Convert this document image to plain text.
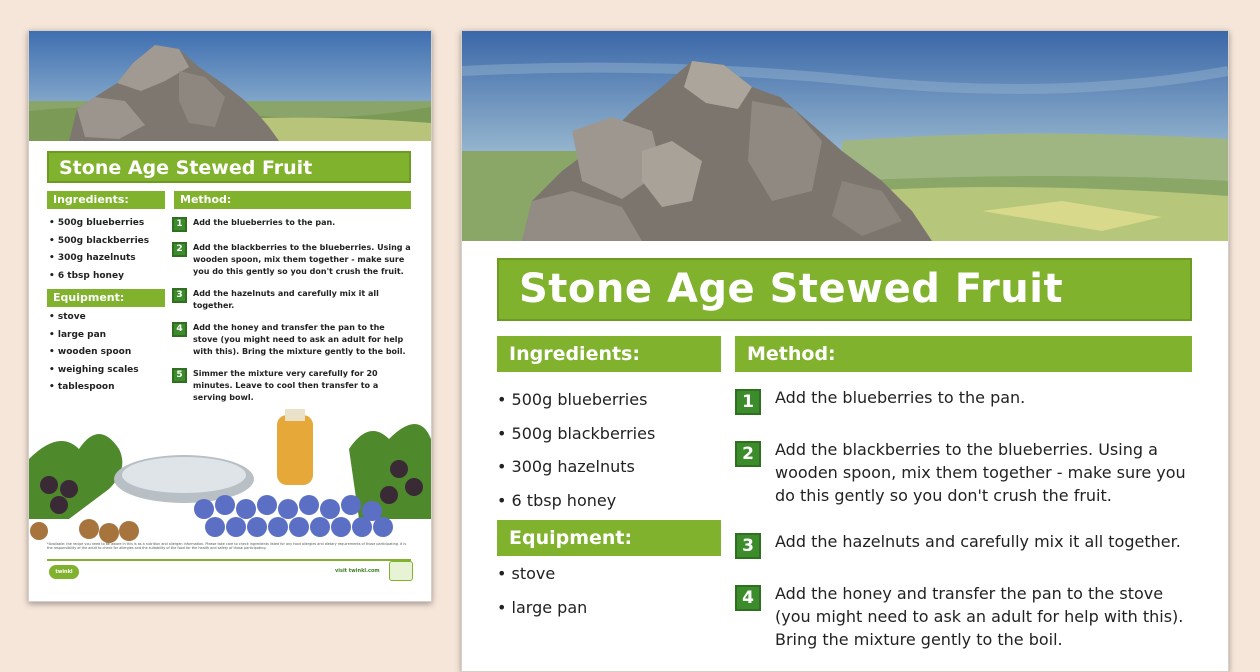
Stone Age Stewed Fruit
Ingredients:
• 500g blueberries
• 500g blackberries
• 300g hazelnuts
• 6 tbsp honey
Equipment:
• stove
• large pan
• wooden spoon
• weighing scales
• tablespoon
Method:
1	Add the blueberries to the pan.
2	Add the blackberries to the blueberries. Using a wooden spoon, mix them together - make sure you do this gently so you don't crush the fruit.
3	Add the hazelnuts and carefully mix it all together.
4	Add the honey and transfer the pan to the stove (you might need to ask an adult for help with this). Bring the mixture gently to the boil.
5	Simmer the mixture very carefully for 20 minutes. Leave to cool then transfer to a serving bowl.
*Available: the recipe you need to be aware in this is as a nutrition and allergen information. Please take care to check ingredients listed for any food allergies and dietary requirements of those participating. It is the responsibility of the adult to check for allergies and the suitability of the food for the health and safety of those participating.
twinkl	visit twinkl.com
Stone Age Stewed Fruit
Ingredients:
• 500g blueberries
• 500g blackberries
• 300g hazelnuts
• 6 tbsp honey
Equipment:
• stove
• large pan
Method:
1	Add the blueberries to the pan.
2	Add the blackberries to the blueberries. Using a wooden spoon, mix them together - make sure you do this gently so you don't crush the fruit.
3	Add the hazelnuts and carefully mix it all together.
4	Add the honey and transfer the pan to the stove (you might need to ask an adult for help with this). Bring the mixture gently to the boil.
